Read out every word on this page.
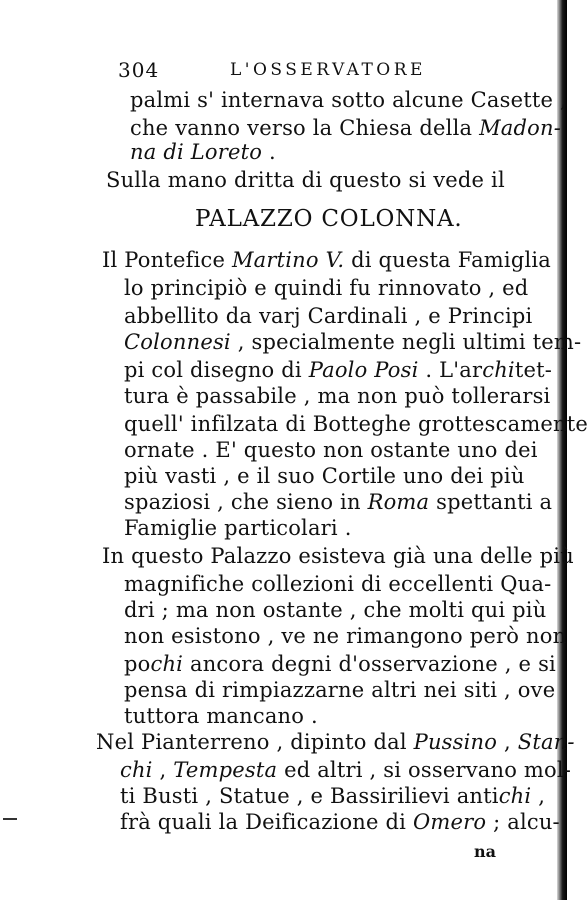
304	L'OSSERVATORE
palmi s' internava sotto alcune Casette ,
che vanno verso la Chiesa della Madon-
na di Loreto .
Sulla mano dritta di questo si vede il
PALAZZO COLONNA.
Il Pontefice Martino V. di questa Famiglia
lo principiò e quindi fu rinnovato , ed
abbellito da varj Cardinali , e Principi
Colonnesi , specialmente negli ultimi tem-
pi col disegno di Paolo Posi . L'architet-
tura è passabile , ma non può tollerarsi
quell' infilzata di Botteghe grottescamente
ornate . E' questo non ostante uno dei
più vasti , e il suo Cortile uno dei più
spaziosi , che sieno in Roma spettanti a
Famiglie particolari .
In questo Palazzo esisteva già una delle più
magnifiche collezioni di eccellenti Qua-
dri ; ma non ostante , che molti qui più
non esistono , ve ne rimangono però non
pochi ancora degni d'osservazione , e si
pensa di rimpiazzarne altri nei siti , ove
tuttora mancano .
Nel Pianterreno , dipinto dal Pussino , Stan-
chi , Tempesta ed altri , si osservano mol-
ti Busti , Statue , e Bassirilievi antichi ,
frà quali la Deificazione di Omero ; alcu-
na
